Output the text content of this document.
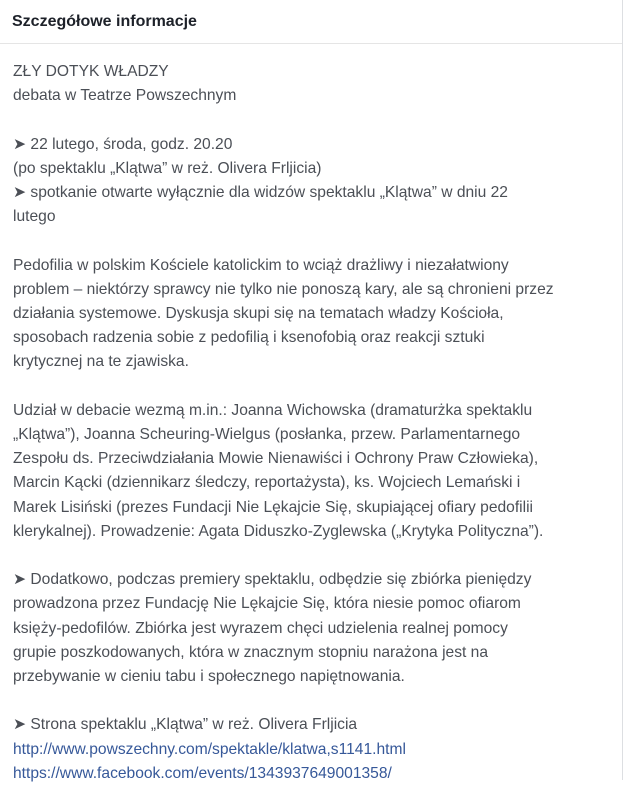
Szczegółowe informacje
ZŁY DOTYK WŁADZY
debata w Teatrze Powszechnym
➤ 22 lutego, środa, godz. 20.20
(po spektaklu „Klątwa” w reż. Olivera Frljicia)
➤ spotkanie otwarte wyłącznie dla widzów spektaklu „Klątwa” w dniu 22
lutego
Pedofilia w polskim Kościele katolickim to wciąż drażliwy i niezałatwiony
problem – niektórzy sprawcy nie tylko nie ponoszą kary, ale są chronieni przez
działania systemowe. Dyskusja skupi się na tematach władzy Kościoła,
sposobach radzenia sobie z pedofilią i ksenofobią oraz reakcji sztuki
krytycznej na te zjawiska.
Udział w debacie wezmą m.in.: Joanna Wichowska (dramaturżka spektaklu
„Klątwa”), Joanna Scheuring-Wielgus (posłanka, przew. Parlamentarnego
Zespołu ds. Przeciwdziałania Mowie Nienawiści i Ochrony Praw Człowieka),
Marcin Kącki (dziennikarz śledczy, reportażysta), ks. Wojciech Lemański i
Marek Lisiński (prezes Fundacji Nie Lękajcie Się, skupiającej ofiary pedofilii
klerykalnej). Prowadzenie: Agata Diduszko-Zyglewska („Krytyka Polityczna”).
➤ Dodatkowo, podczas premiery spektaklu, odbędzie się zbiórka pieniędzy
prowadzona przez Fundację Nie Lękajcie Się, która niesie pomoc ofiarom
księży-pedofilów. Zbiórka jest wyrazem chęci udzielenia realnej pomocy
grupie poszkodowanych, która w znacznym stopniu narażona jest na
przebywanie w cieniu tabu i społecznego napiętnowania.
➤ Strona spektaklu „Klątwa” w reż. Olivera Frljicia
http://www.powszechny.com/spektakle/klatwa,s1141.html
https://www.facebook.com/events/1343937649001358/
